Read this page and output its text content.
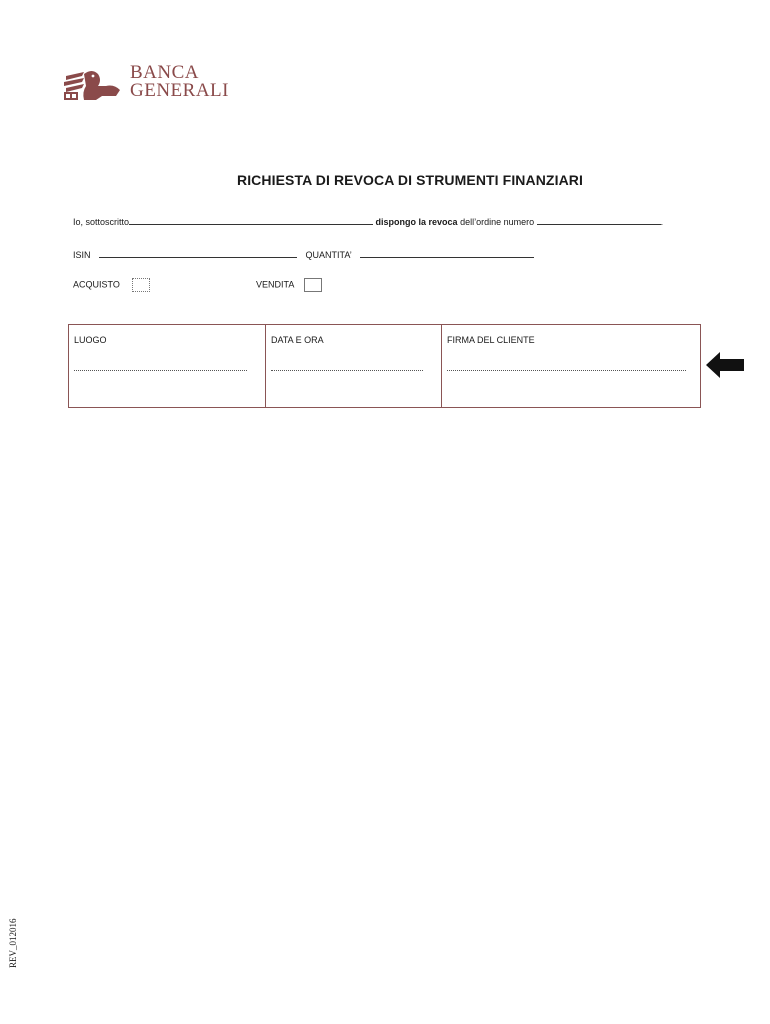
BANCA
GENERALI
RICHIESTA DI REVOCA DI STRUMENTI FINANZIARI
Io, sottoscritto	dispongo la revoca dell’ordine numero	.
ISIN	QUANTITA’
ACQUISTO	VENDITA
LUOGO	DATA E ORA	FIRMA DEL CLIENTE
REV_012016
